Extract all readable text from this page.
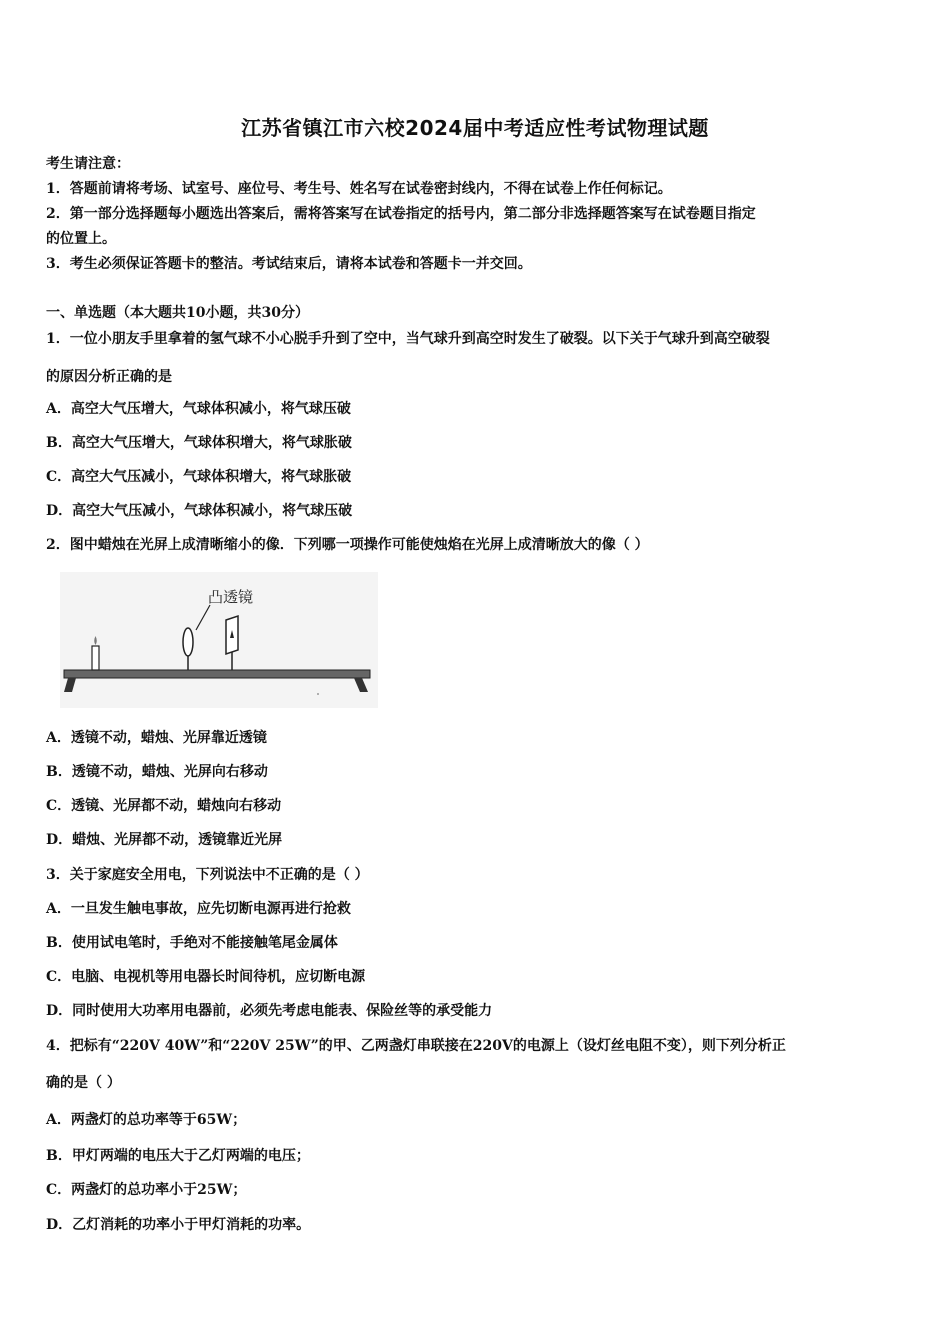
江苏省镇江市六校2024届中考适应性考试物理试题
考生请注意：
1．答题前请将考场、试室号、座位号、考生号、姓名写在试卷密封线内，不得在试卷上作任何标记。
2．第一部分选择题每小题选出答案后，需将答案写在试卷指定的括号内，第二部分非选择题答案写在试卷题目指定
的位置上。
3．考生必须保证答题卡的整洁。考试结束后，请将本试卷和答题卡一并交回。
一、单选题（本大题共10小题，共30分）
1．一位小朋友手里拿着的氢气球不小心脱手升到了空中，当气球升到高空时发生了破裂。以下关于气球升到高空破裂
的原因分析正确的是
A．高空大气压增大，气球体积减小，将气球压破
B．高空大气压增大，气球体积增大，将气球胀破
C．高空大气压减小，气球体积增大，将气球胀破
D．高空大气压减小，气球体积减小，将气球压破
2．图中蜡烛在光屏上成清晰缩小的像．下列哪一项操作可能使烛焰在光屏上成清晰放大的像（ ）
凸透镜
A．透镜不动，蜡烛、光屏靠近透镜
B．透镜不动，蜡烛、光屏向右移动
C．透镜、光屏都不动，蜡烛向右移动
D．蜡烛、光屏都不动，透镜靠近光屏
3．关于家庭安全用电，下列说法中不正确的是（ ）
A．一旦发生触电事故，应先切断电源再进行抢救
B．使用试电笔时，手绝对不能接触笔尾金属体
C．电脑、电视机等用电器长时间待机，应切断电源
D．同时使用大功率用电器前，必须先考虑电能表、保险丝等的承受能力
4．把标有“220V 40W”和“220V 25W”的甲、乙两盏灯串联接在220V的电源上（设灯丝电阻不变），则下列分析正
确的是（ ）
A．两盏灯的总功率等于65W；
B．甲灯两端的电压大于乙灯两端的电压；
C．两盏灯的总功率小于25W；
D．乙灯消耗的功率小于甲灯消耗的功率。
